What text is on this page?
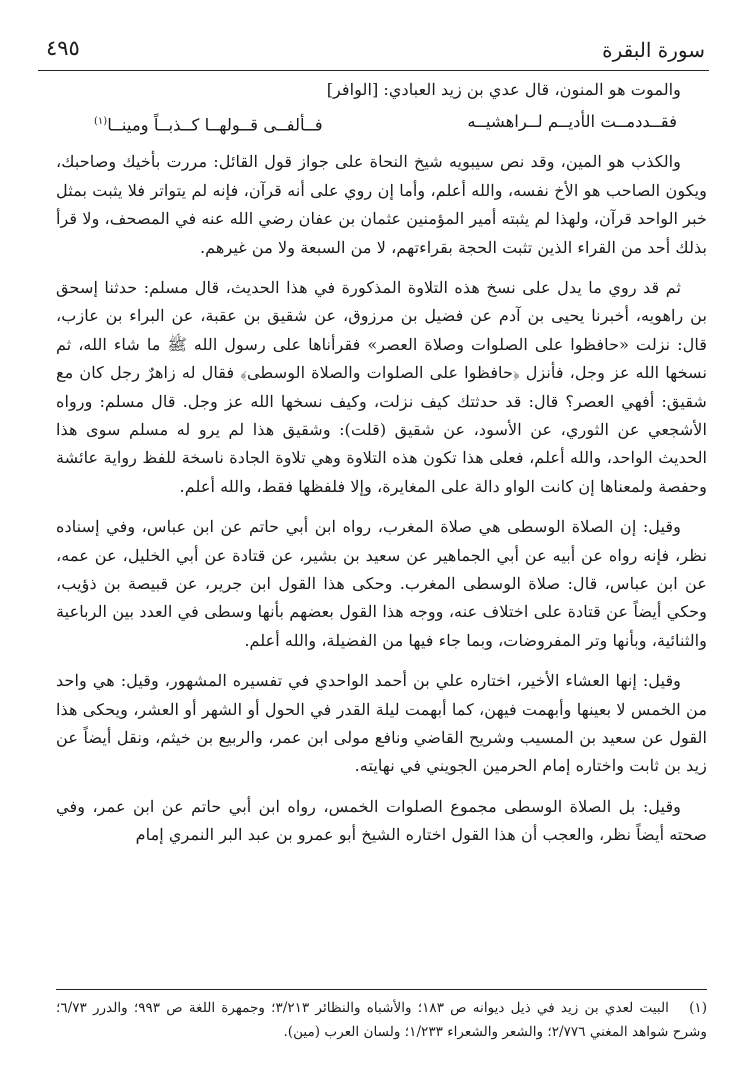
سورة البقرة
٤٩٥

والموت هو المنون، قال عدي بن زيد العبادي: [الوافر]

فقــددمــت الأديــم لــراهشيــه
فــألفــى قــولهــا كــذبــاً ومينــا$^{(١)}$

والكذب هو المين، وقد نص سيبويه شيخ النحاة على جواز قول القائل: مررت بأخيك وصاحبك، ويكون الصاحب هو الأخ نفسه، والله أعلم، وأما إن روي على أنه قرآن، فإنه لم يتواتر فلا يثبت بمثل خبر الواحد قرآن، ولهذا لم يثبته أمير المؤمنين عثمان بن عفان رضي الله عنه في المصحف، ولا قرأ بذلك أحد من القراء الذين تثبت الحجة بقراءتهم، لا من السبعة ولا من غيرهم.

ثم قد روي ما يدل على نسخ هذه التلاوة المذكورة في هذا الحديث، قال مسلم: حدثنا إسحق بن راهويه، أخبرنا يحيى بن آدم عن فضيل بن مرزوق، عن شقيق بن عقبة، عن البراء بن عازب، قال: نزلت «حافظوا على الصلوات وصلاة العصر» فقرأناها على رسول الله ﷺ ما شاء الله، ثم نسخها الله عز وجل، فأنزل ﴿حافظوا على الصلوات والصلاة الوسطى﴾ فقال له زاهرٌ رجل كان مع شقيق: أفهي العصر؟ قال: قد حدثتك كيف نزلت، وكيف نسخها الله عز وجل. قال مسلم: ورواه الأشجعي عن الثوري، عن الأسود، عن شقيق (قلت): وشقيق هذا لم يرو له مسلم سوى هذا الحديث الواحد، والله أعلم، فعلى هذا تكون هذه التلاوة وهي تلاوة الجادة ناسخة للفظ رواية عائشة وحفصة ولمعناها إن كانت الواو دالة على المغايرة، وإلا فلفظها فقط، والله أعلم.

وقيل: إن الصلاة الوسطى هي صلاة المغرب، رواه ابن أبي حاتم عن ابن عباس، وفي إسناده نظر، فإنه رواه عن أبيه عن أبي الجماهير عن سعيد بن بشير، عن قتادة عن أبي الخليل، عن عمه، عن ابن عباس، قال: صلاة الوسطى المغرب. وحكى هذا القول ابن جرير، عن قبيصة بن ذؤيب، وحكي أيضاً عن قتادة على اختلاف عنه، ووجه هذا القول بعضهم بأنها وسطى في العدد بين الرباعية والثنائية، وبأنها وتر المفروضات، وبما جاء فيها من الفضيلة، والله أعلم.

وقيل: إنها العشاء الأخير، اختاره علي بن أحمد الواحدي في تفسيره المشهور، وقيل: هي واحد من الخمس لا بعينها وأبهمت فيهن، كما أبهمت ليلة القدر في الحول أو الشهر أو العشر، ويحكى هذا القول عن سعيد بن المسيب وشريح القاضي ونافع مولى ابن عمر، والربيع بن خيثم، ونقل أيضاً عن زيد بن ثابت واختاره إمام الحرمين الجويني في نهايته.

وقيل: بل الصلاة الوسطى مجموع الصلوات الخمس، رواه ابن أبي حاتم عن ابن عمر، وفي صحته أيضاً نظر، والعجب أن هذا القول اختاره الشيخ أبو عمرو بن عبد البر النمري إمام

(١) البيت لعدي بن زيد في ذيل ديوانه ص ١٨٣؛ والأشباه والنظائر ٣/٢١٣؛ وجمهرة اللغة ص ٩٩٣؛ والدرر ٦/٧٣؛ وشرح شواهد المغني ٢/٧٧٦؛ والشعر والشعراء ١/٢٣٣؛ ولسان العرب (مين).
